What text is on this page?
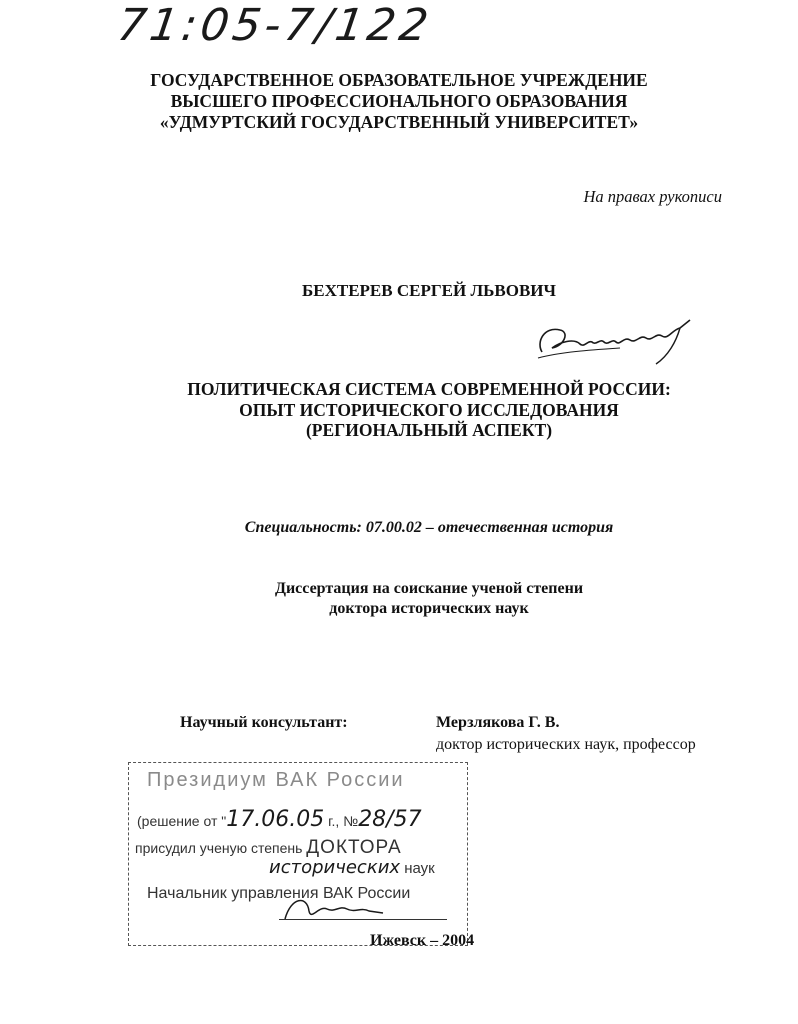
71:05-7/122
ГОСУДАРСТВЕННОЕ ОБРАЗОВАТЕЛЬНОЕ УЧРЕЖДЕНИЕ
ВЫСШЕГО ПРОФЕССИОНАЛЬНОГО ОБРАЗОВАНИЯ
«УДМУРТСКИЙ ГОСУДАРСТВЕННЫЙ УНИВЕРСИТЕТ»
На правах рукописи
БЕХТЕРЕВ СЕРГЕЙ ЛЬВОВИЧ
ПОЛИТИЧЕСКАЯ СИСТЕМА СОВРЕМЕННОЙ РОССИИ:
ОПЫТ ИСТОРИЧЕСКОГО ИССЛЕДОВАНИЯ
(РЕГИОНАЛЬНЫЙ АСПЕКТ)
Специальность: 07.00.02 – отечественная история
Диссертация на соискание ученой степени
доктора исторических наук
Научный консультант:	Мерзлякова Г. В.
доктор исторических наук, профессор
Президиум ВАК России
(решение от "17.06.05 г., №28/57
присудил ученую степень ДОКТОРА
исторических наук
Начальник управления ВАК России
Ижевск – 2004
